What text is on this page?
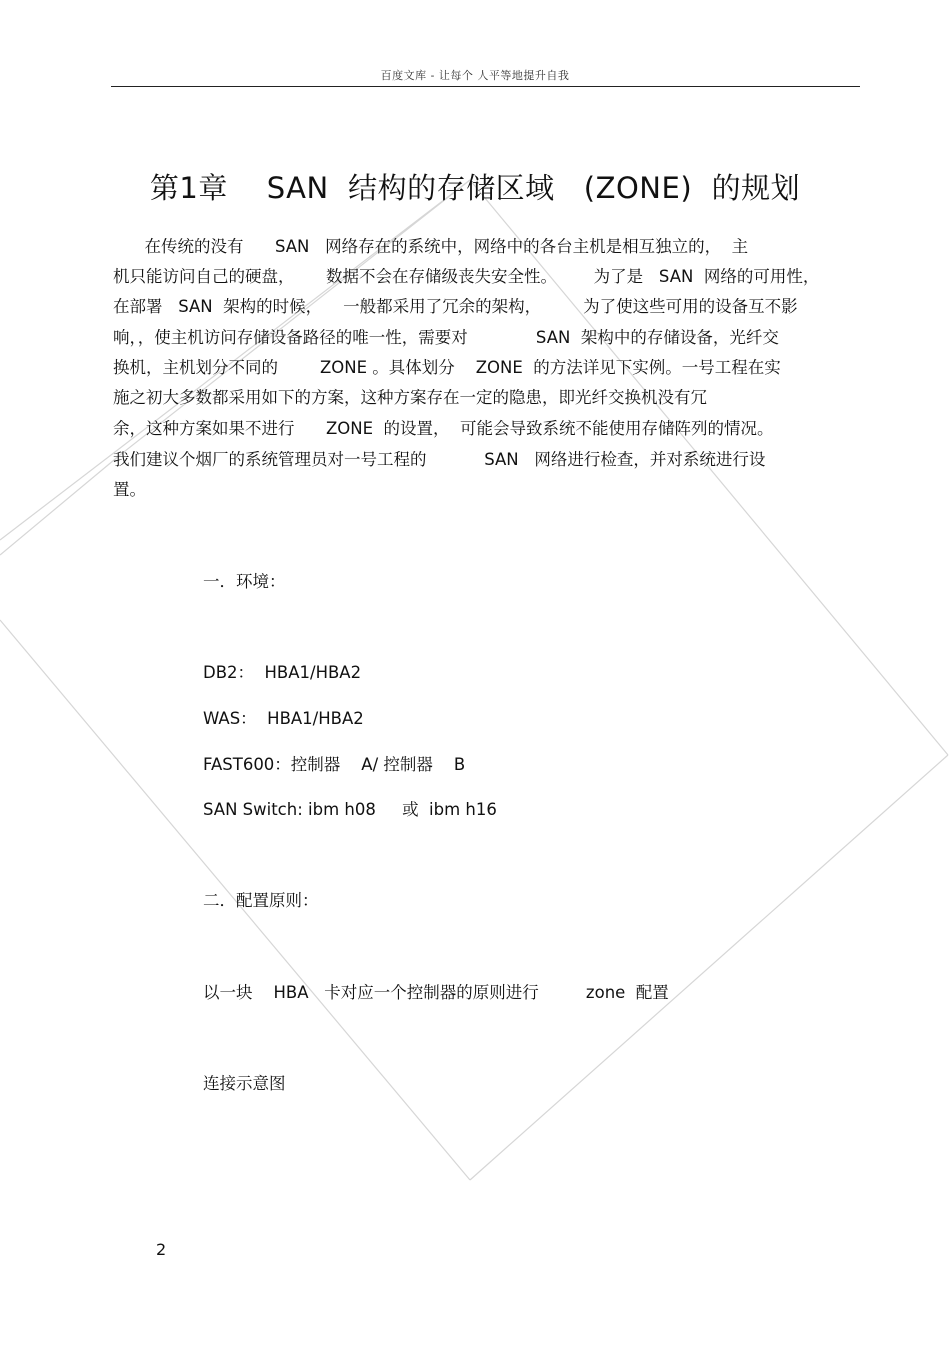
百度文库 - 让每个 人平等地提升自我
第1章    SAN  结构的存储区域   (ZONE)  的规划
在传统的没有      SAN   网络存在的系统中，网络中的各台主机是相互独立的，  主
机只能访问自己的硬盘，      数据不会在存储级丧失安全性。       为了是   SAN  网络的可用性，
在部署   SAN  架构的时候，    一般都采用了冗余的架构，        为了使这些可用的设备互不影
响，，使主机访问存储设备路径的唯一性，需要对             SAN  架构中的存储设备，光纤交
换机，主机划分不同的        ZONE 。具体划分    ZONE  的方法详见下实例。一号工程在实
施之初大多数都采用如下的方案，这种方案存在一定的隐患，即光纤交换机没有冗
余，这种方案如果不进行      ZONE  的设置，  可能会导致系统不能使用存储阵列的情况。
我们建议个烟厂的系统管理员对一号工程的           SAN   网络进行检查，并对系统进行设
置。
一．环境：
DB2：  HBA1/HBA2
WAS：  HBA1/HBA2
FAST600：控制器    A/ 控制器    B
SAN Switch: ibm h08     或  ibm h16
二．配置原则：
以一块    HBA   卡对应一个控制器的原则进行         zone  配置
连接示意图
2
